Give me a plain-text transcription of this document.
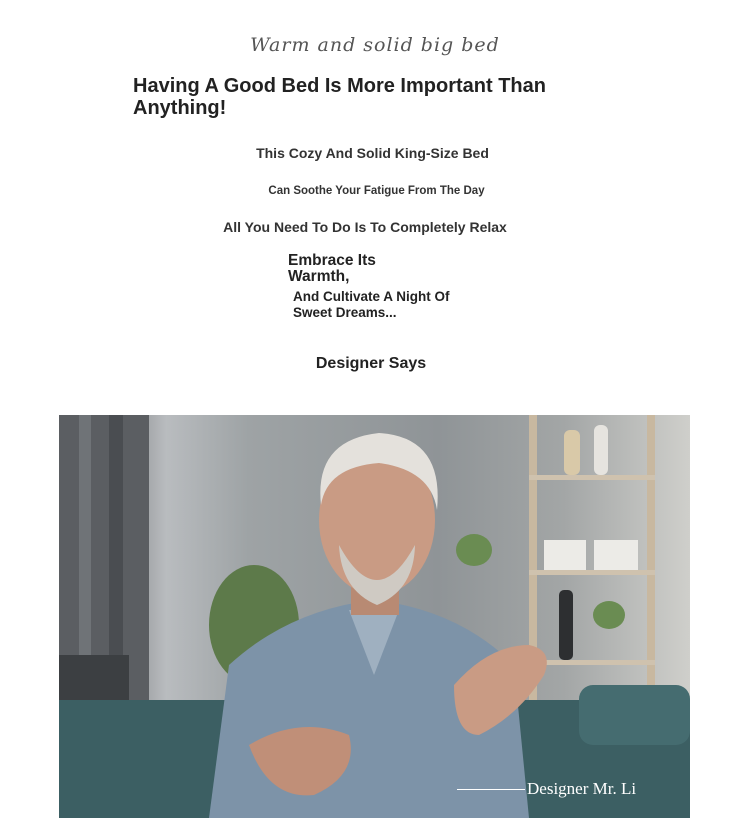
Warm and solid big bed
Having A Good Bed Is More Important Than Anything!

This Cozy And Solid King-Size Bed

Can Soothe Your Fatigue From The Day

All You Need To Do Is To Completely Relax

Embrace Its Warmth,

And Cultivate A Night Of Sweet Dreams...

Designer Says
Designer Mr. Li
